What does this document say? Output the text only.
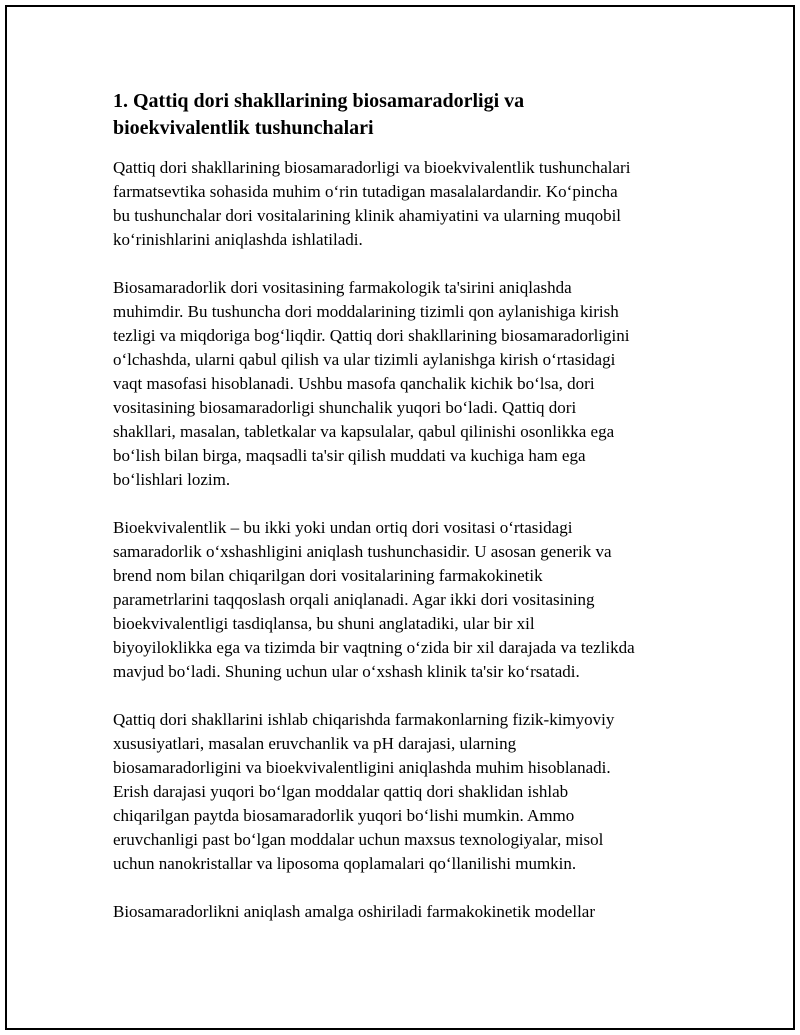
1. Qattiq dori shakllarining biosamaradorligi va
bioekvivalentlik tushunchalari

Qattiq dori shakllarining biosamaradorligi va bioekvivalentlik tushunchalari
farmatsevtika sohasida muhim o‘rin tutadigan masalalardandir. Ko‘pincha
bu tushunchalar dori vositalarining klinik ahamiyatini va ularning muqobil
ko‘rinishlarini aniqlashda ishlatiladi.

Biosamaradorlik dori vositasining farmakologik ta'sirini aniqlashda
muhimdir. Bu tushuncha dori moddalarining tizimli qon aylanishiga kirish
tezligi va miqdoriga bog‘liqdir. Qattiq dori shakllarining biosamaradorligini
o‘lchashda, ularni qabul qilish va ular tizimli aylanishga kirish o‘rtasidagi
vaqt masofasi hisoblanadi. Ushbu masofa qanchalik kichik bo‘lsa, dori
vositasining biosamaradorligi shunchalik yuqori bo‘ladi. Qattiq dori
shakllari, masalan, tabletkalar va kapsulalar, qabul qilinishi osonlikka ega
bo‘lish bilan birga, maqsadli ta'sir qilish muddati va kuchiga ham ega
bo‘lishlari lozim.

Bioekvivalentlik – bu ikki yoki undan ortiq dori vositasi o‘rtasidagi
samaradorlik o‘xshashligini aniqlash tushunchasidir. U asosan generik va
brend nom bilan chiqarilgan dori vositalarining farmakokinetik
parametrlarini taqqoslash orqali aniqlanadi. Agar ikki dori vositasining
bioekvivalentligi tasdiqlansa, bu shuni anglatadiki, ular bir xil
biyoyiloklikka ega va tizimda bir vaqtning o‘zida bir xil darajada va tezlikda
mavjud bo‘ladi. Shuning uchun ular o‘xshash klinik ta'sir ko‘rsatadi.

Qattiq dori shakllarini ishlab chiqarishda farmakonlarning fizik-kimyoviy
xususiyatlari, masalan eruvchanlik va pH darajasi, ularning
biosamaradorligini va bioekvivalentligini aniqlashda muhim hisoblanadi.
Erish darajasi yuqori bo‘lgan moddalar qattiq dori shaklidan ishlab
chiqarilgan paytda biosamaradorlik yuqori bo‘lishi mumkin. Ammo
eruvchanligi past bo‘lgan moddalar uchun maxsus texnologiyalar, misol
uchun nanokristallar va liposoma qoplamalari qo‘llanilishi mumkin.

Biosamaradorlikni aniqlash amalga oshiriladi farmakokinetik modellar
